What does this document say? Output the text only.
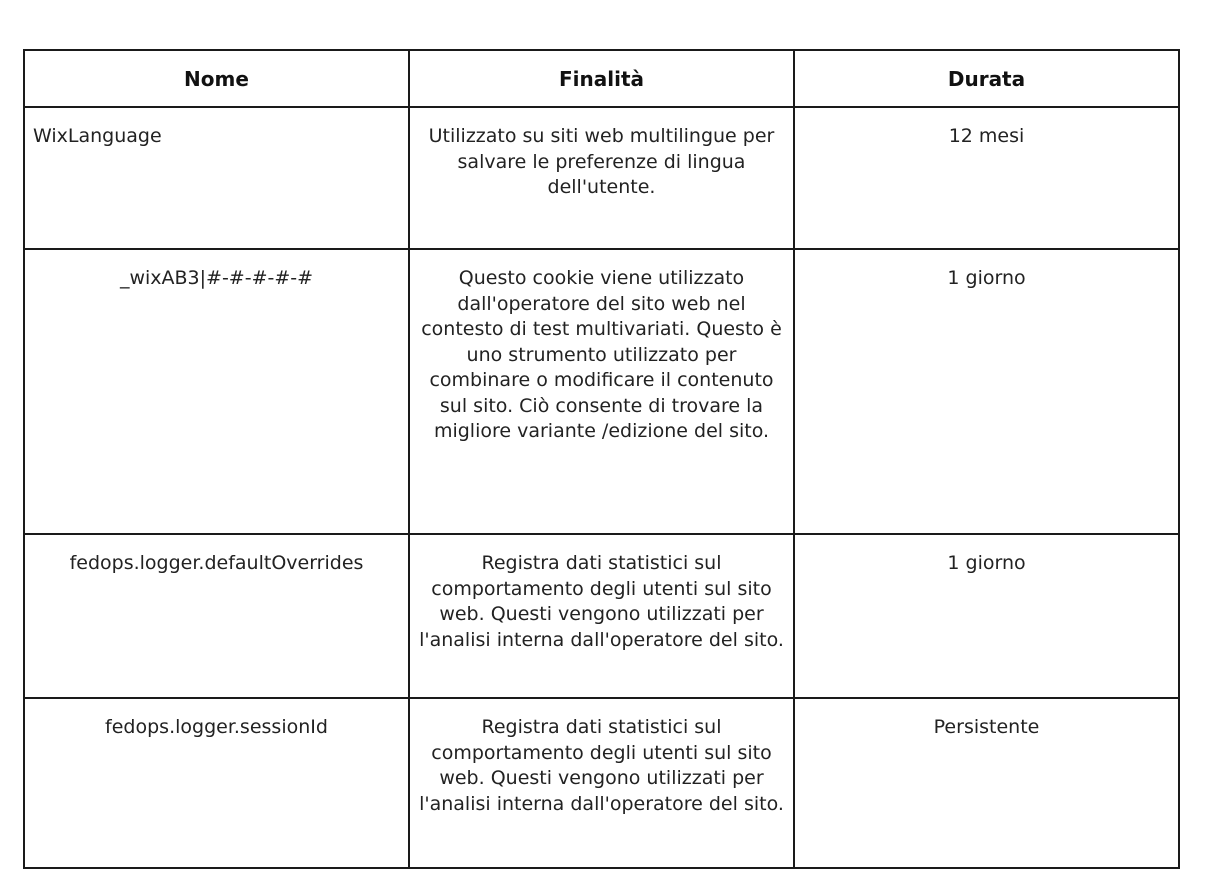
Nome	Finalità	Durata
WixLanguage	Utilizzato su siti web multilingue per salvare le preferenze di lingua dell'utente.	12 mesi
_wixAB3|#-#-#-#-#	Questo cookie viene utilizzato dall'operatore del sito web nel contesto di test multivariati. Questo è uno strumento utilizzato per combinare o modificare il contenuto sul sito. Ciò consente di trovare la migliore variante /edizione del sito.	1 giorno
fedops.logger.defaultOverrides	Registra dati statistici sul comportamento degli utenti sul sito web. Questi vengono utilizzati per l'analisi interna dall'operatore del sito.	1 giorno
fedops.logger.sessionId	Registra dati statistici sul comportamento degli utenti sul sito web. Questi vengono utilizzati per l'analisi interna dall'operatore del sito.	Persistente
